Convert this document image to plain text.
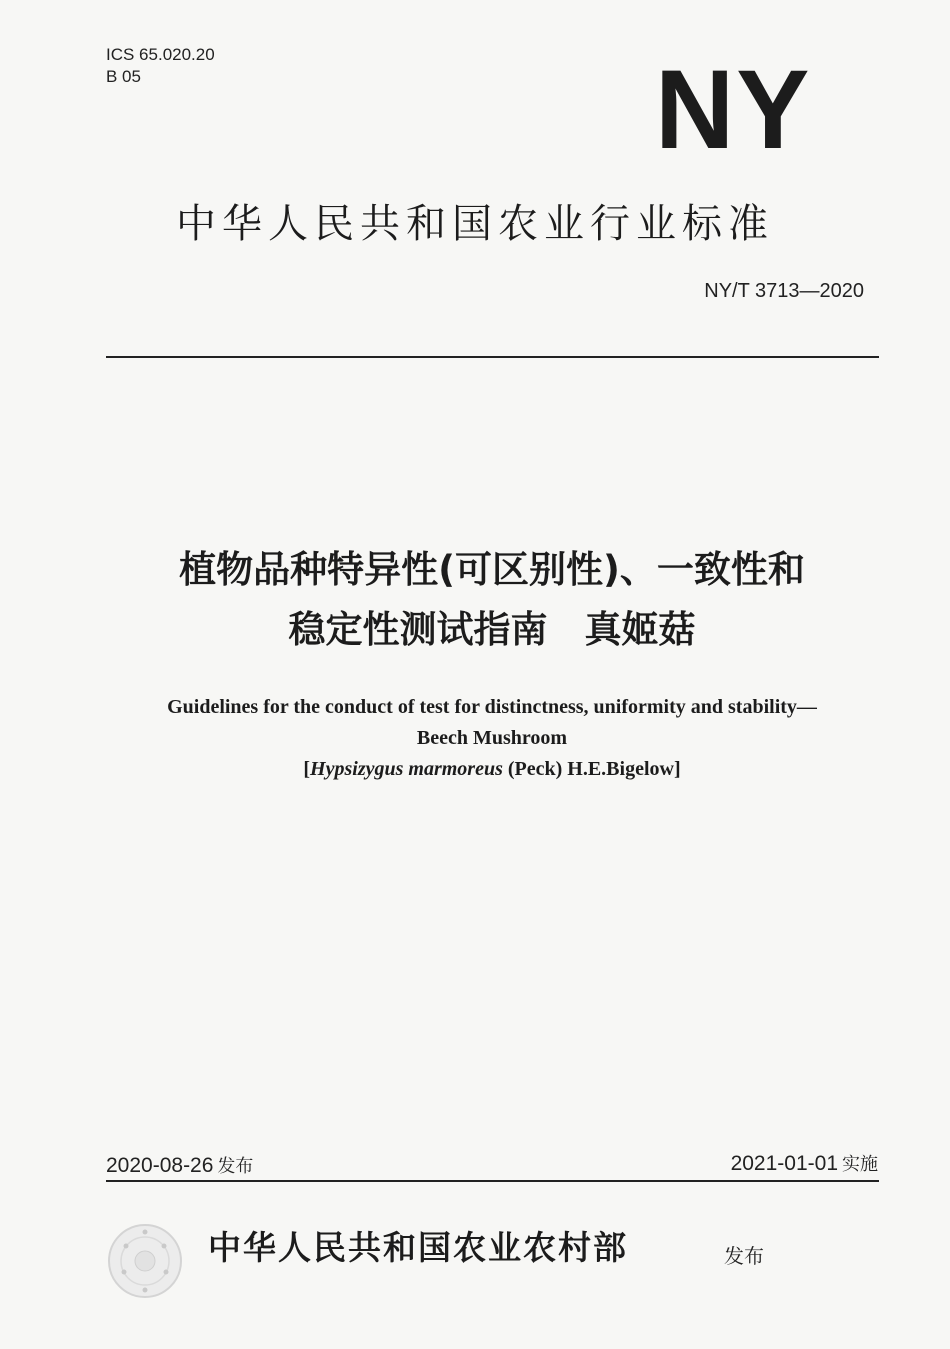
ICS 65.020.20
B 05	NY
中华人民共和国农业行业标准
NY/T 3713—2020
植物品种特异性(可区别性)、一致性和
稳定性测试指南　真姬菇
Guidelines for the conduct of test for distinctness, uniformity and stability—
Beech Mushroom
[Hypsizygus marmoreus (Peck) H.E.Bigelow]
2020-08-26 发布	2021-01-01 实施
中华人民共和国农业农村部	发布
